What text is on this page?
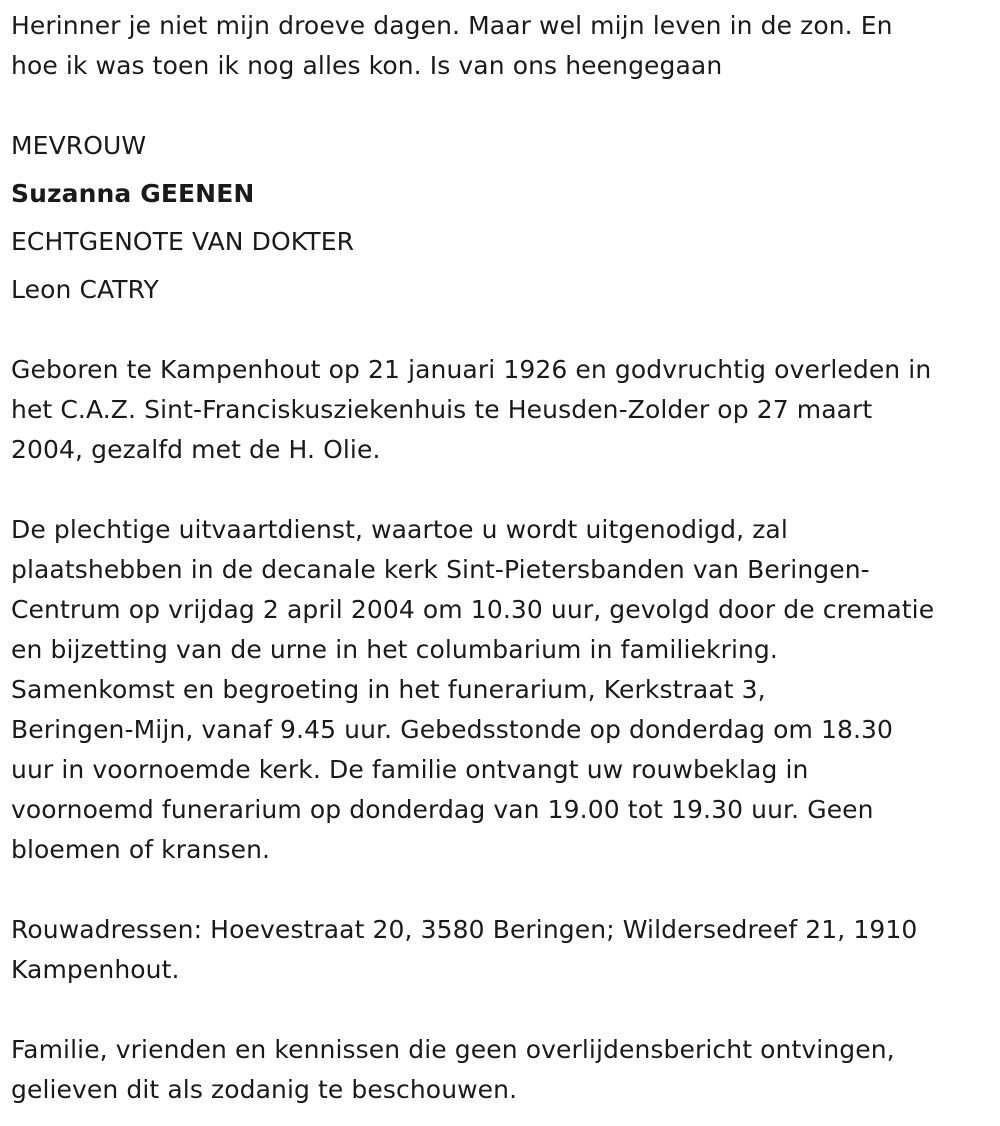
Herinner je niet mijn droeve dagen. Maar wel mijn leven in de zon. En
hoe ik was toen ik nog alles kon. Is van ons heengegaan
MEVROUW
Suzanna GEENEN
ECHTGENOTE VAN DOKTER
Leon CATRY
Geboren te Kampenhout op 21 januari 1926 en godvruchtig overleden in
het C.A.Z. Sint-Franciskusziekenhuis te Heusden-Zolder op 27 maart
2004, gezalfd met de H. Olie.
De plechtige uitvaartdienst, waartoe u wordt uitgenodigd, zal
plaatshebben in de decanale kerk Sint-Pietersbanden van Beringen-
Centrum op vrijdag 2 april 2004 om 10.30 uur, gevolgd door de crematie
en bijzetting van de urne in het columbarium in familiekring.
Samenkomst en begroeting in het funerarium, Kerkstraat 3,
Beringen-Mijn, vanaf 9.45 uur. Gebedsstonde op donderdag om 18.30
uur in voornoemde kerk. De familie ontvangt uw rouwbeklag in
voornoemd funerarium op donderdag van 19.00 tot 19.30 uur. Geen
bloemen of kransen.
Rouwadressen: Hoevestraat 20, 3580 Beringen; Wildersedreef 21, 1910
Kampenhout.
Familie, vrienden en kennissen die geen overlijdensbericht ontvingen,
gelieven dit als zodanig te beschouwen.
